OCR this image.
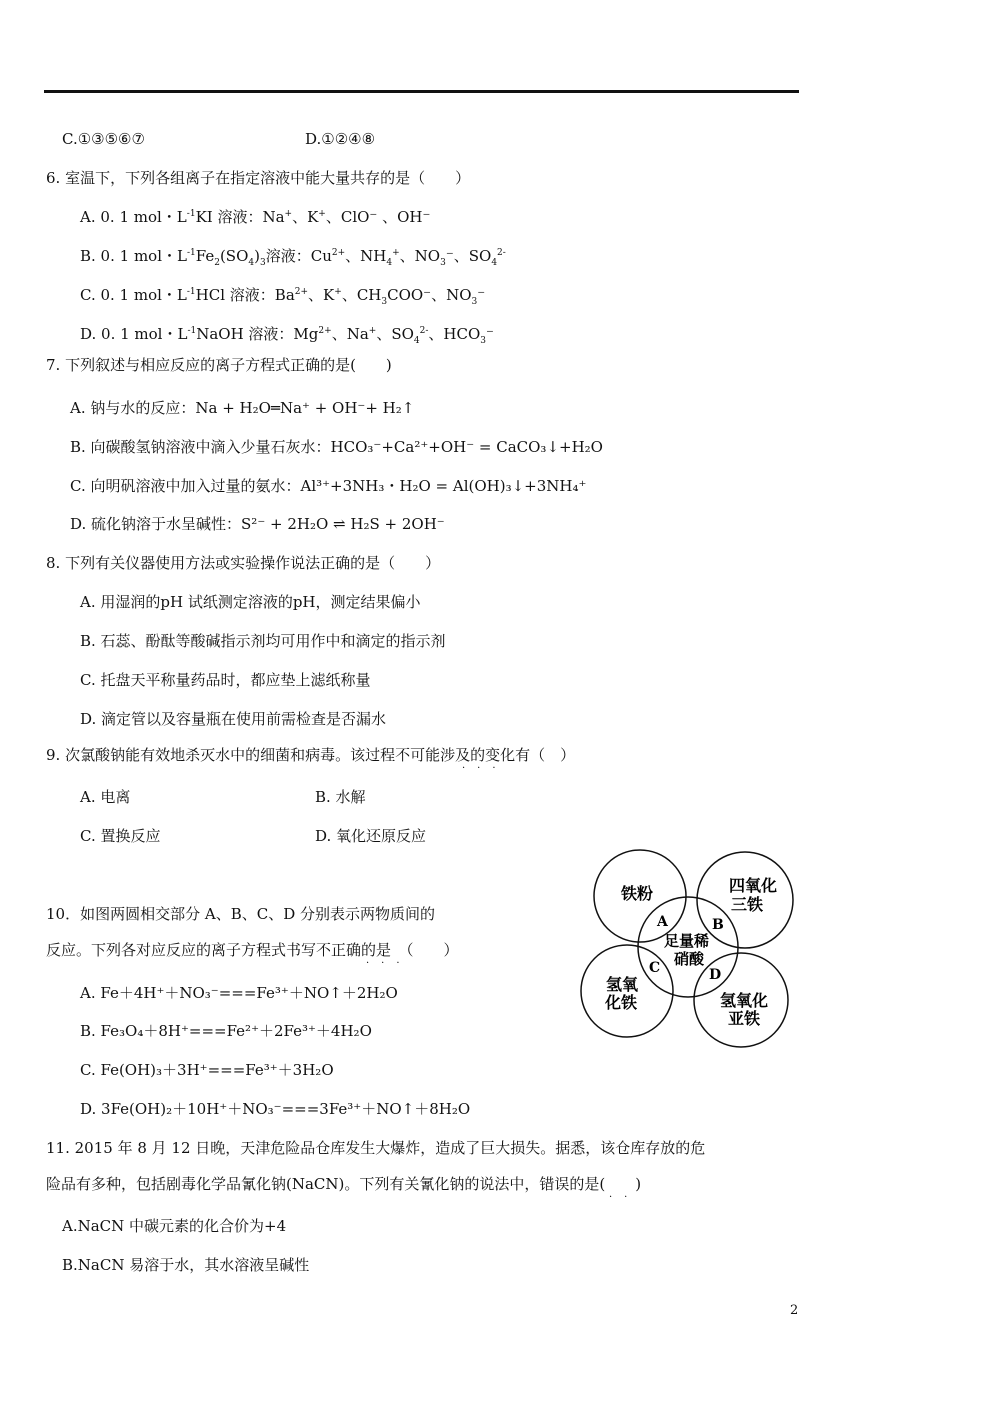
C.①③⑤⑥⑦	D.①②④⑧
6. 室温下，下列各组离子在指定溶液中能大量共存的是（　　）
A. 0. 1 mol・$L^{-1}KI$ 溶液：Na+、K+、ClO⁻ 、OH⁻
B. 0. 1 mol・$L^{-1}Fe_2(SO_4)_3$溶液：$Cu^{2+}$、$NH_4^+$、$NO_3^-$、$SO_4^{2-}$
C. 0. 1 mol・$L^{-1}HCl$ 溶液：$Ba^{2+}$、K+、$CH_3COO^-$、$NO_3^-$
D. 0. 1 mol・$L^{-1}NaOH$ 溶液：$Mg^{2+}$、Na+、$SO_4^{2-}$、$HCO_3^-$
7. 下列叙述与相应反应的离子方程式正确的是(　　)
A. 钠与水的反应：Na + H₂O═Na⁺ + OH⁻+ H₂↑
B. 向碳酸氢钠溶液中滴入少量石灰水：HCO₃⁻+Ca²⁺+OH⁻ = CaCO₃↓+H₂O
C. 向明矾溶液中加入过量的氨水：Al³⁺+3NH₃・H₂O = Al(OH)₃↓+3NH₄⁺
D. 硫化钠溶于水呈碱性：S²⁻ + 2H₂O ⇌ H₂S + 2OH⁻
8. 下列有关仪器使用方法或实验操作说法正确的是（　　）
A. 用湿润的pH 试纸测定溶液的pH，测定结果偏小
B. 石蕊、酚酞等酸碱指示剂均可用作中和滴定的指示剂
C. 托盘天平称量药品时，都应垫上滤纸称量
D. 滴定管以及容量瓶在使用前需检查是否漏水
9. 次氯酸钠能有效地杀灭水中的细菌和病毒。该过程不可能涉及的变化有（　）
···
A. 电离	B. 水解
C. 置换反应	D. 氧化还原反应
10．如图两圆相交部分 A、B、C、D 分别表示两物质间的
反应。下列各对应反应的离子方程式书写不正确的是　（　　）
···
A. Fe＋4H⁺＋NO₃⁻===Fe³⁺＋NO↑＋2H₂O
B. Fe₃O₄＋8H⁺===Fe²⁺＋2Fe³⁺＋4H₂O
C. Fe(OH)₃＋3H⁺===Fe³⁺＋3H₂O
D. 3Fe(OH)₂＋10H⁺＋NO₃⁻===3Fe³⁺＋NO↑＋8H₂O
铁粉	四氧化
三铁
足量稀
硝酸
氢氧
化铁	氢氧化
亚铁
A	B
C	D
11. 2015 年 8 月 12 日晚，天津危险品仓库发生大爆炸，造成了巨大损失。据悉，该仓库存放的危
险品有多种，包括剧毒化学品氰化钠(NaCN)。下列有关氰化钠的说法中，错误的是(　　)
··
A.NaCN 中碳元素的化合价为+4
B.NaCN 易溶于水，其水溶液呈碱性
2
